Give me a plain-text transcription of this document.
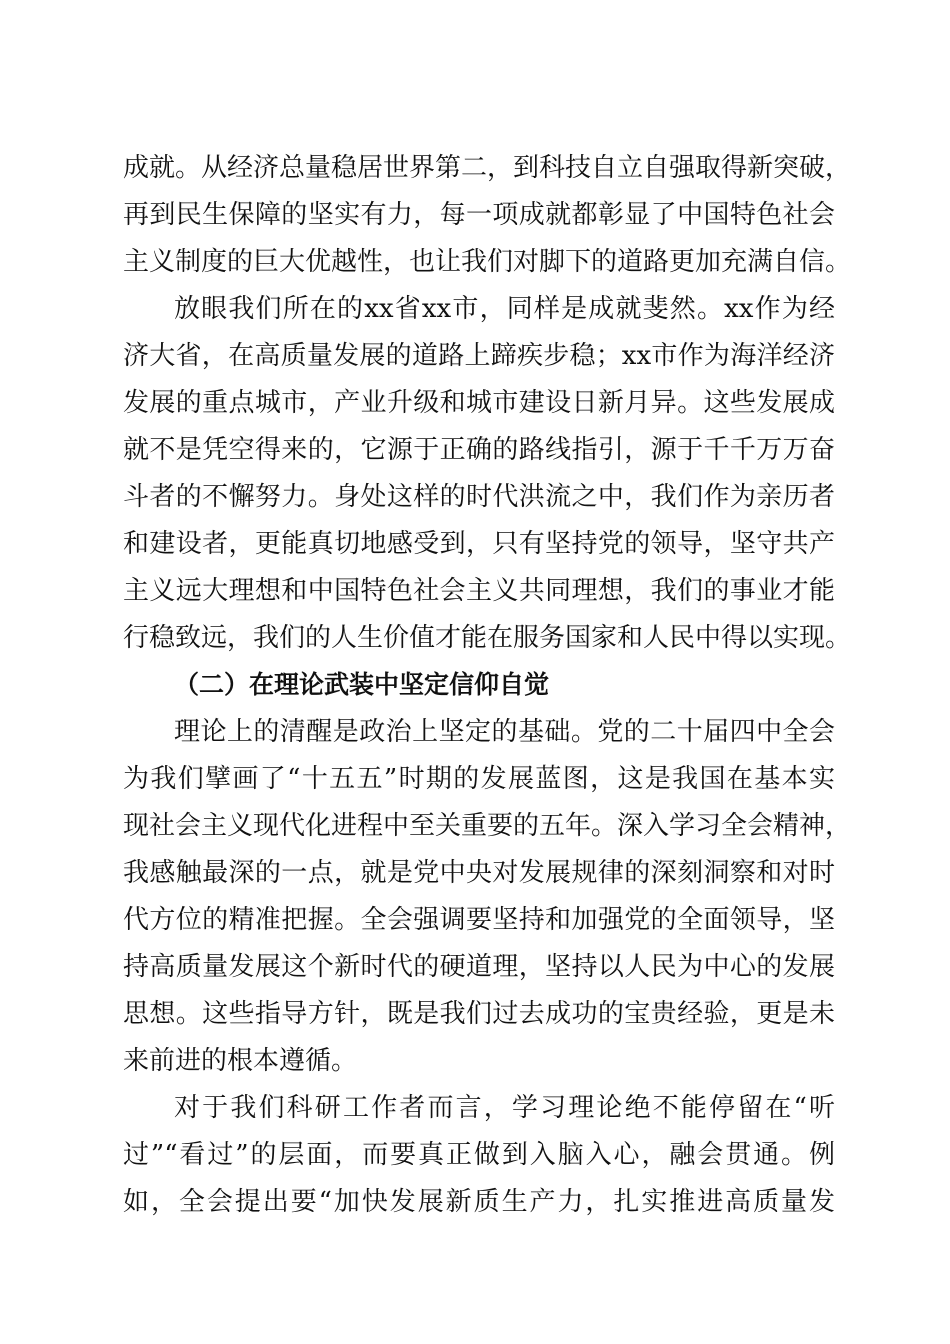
成就。从经济总量稳居世界第二，到科技自立自强取得新突破，
再到民生保障的坚实有力，每一项成就都彰显了中国特色社会
主义制度的巨大优越性，也让我们对脚下的道路更加充满自信。
放眼我们所在的xx省xx市，同样是成就斐然。xx作为经
济大省，在高质量发展的道路上蹄疾步稳；xx市作为海洋经济
发展的重点城市，产业升级和城市建设日新月异。这些发展成
就不是凭空得来的，它源于正确的路线指引，源于千千万万奋
斗者的不懈努力。身处这样的时代洪流之中，我们作为亲历者
和建设者，更能真切地感受到，只有坚持党的领导，坚守共产
主义远大理想和中国特色社会主义共同理想，我们的事业才能
行稳致远，我们的人生价值才能在服务国家和人民中得以实现。
（二）在理论武装中坚定信仰自觉
理论上的清醒是政治上坚定的基础。党的二十届四中全会
为我们擘画了“十五五”时期的发展蓝图，这是我国在基本实
现社会主义现代化进程中至关重要的五年。深入学习全会精神，
我感触最深的一点，就是党中央对发展规律的深刻洞察和对时
代方位的精准把握。全会强调要坚持和加强党的全面领导，坚
持高质量发展这个新时代的硬道理，坚持以人民为中心的发展
思想。这些指导方针，既是我们过去成功的宝贵经验，更是未
来前进的根本遵循。
对于我们科研工作者而言，学习理论绝不能停留在“听
过”“看过”的层面，而要真正做到入脑入心，融会贯通。例
如，全会提出要“加快发展新质生产力，扎实推进高质量发
